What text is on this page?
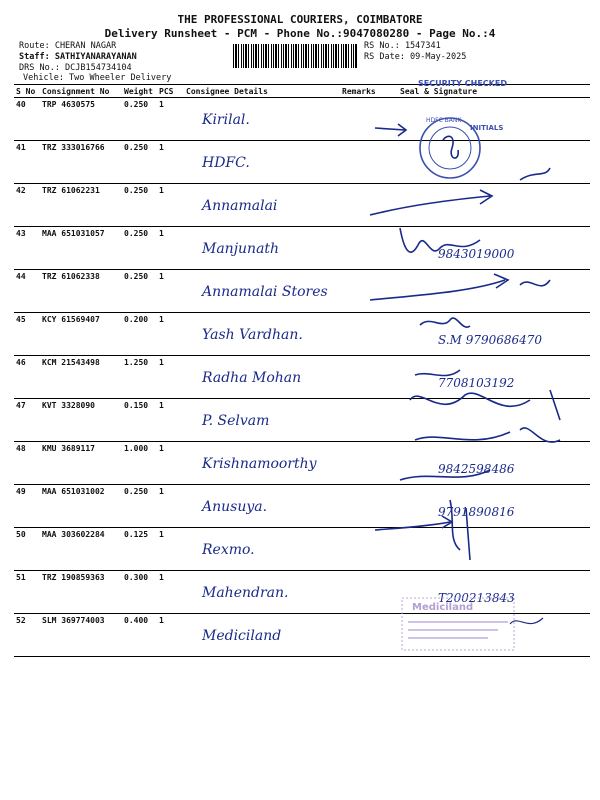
THE PROFESSIONAL COURIERS, COIMBATORE
Delivery Runsheet - PCM - Phone No.:9047080280 - Page No.:4
Route: CHERAN NAGAR
Staff: SATHIYANARAYANAN
DRS No.: DCJB154734104
Vehicle: Two Wheeler Delivery
RS No.: 1547341
RS Date: 09-May-2025
S No	Consignment No	Weight	PCS	Consignee Details	Remarks	Seal & Signature
40	TRP 4630575	0.250	1	Kirilal.		

41	TRZ 333016766	0.250	1	HDFC.		

42	TRZ 61062231	0.250	1	Annamalai		

43	MAA 651031057	0.250	1	Manjunath		9843019000

44	TRZ 61062338	0.250	1	Annamalai Stores		

45	KCY 61569407	0.200	1	Yash Vardhan.		S.M 9790686470

46	KCM 21543498	1.250	1	Radha Mohan		7708103192

47	KVT 3328090	0.150	1	P. Selvam		

48	KMU 3689117	1.000	1	Krishnamoorthy		9842598486

49	MAA 651031002	0.250	1	Anusuya.		9791890816

50	MAA 303602284	0.125	1	Rexmo.		

51	TRZ 190859363	0.300	1	Mahendran.		T200213843

52	SLM 369774003	0.400	1	Mediciland		

SECURITY CHECKED
HDFC BANK
INITIALS
Mediciland
